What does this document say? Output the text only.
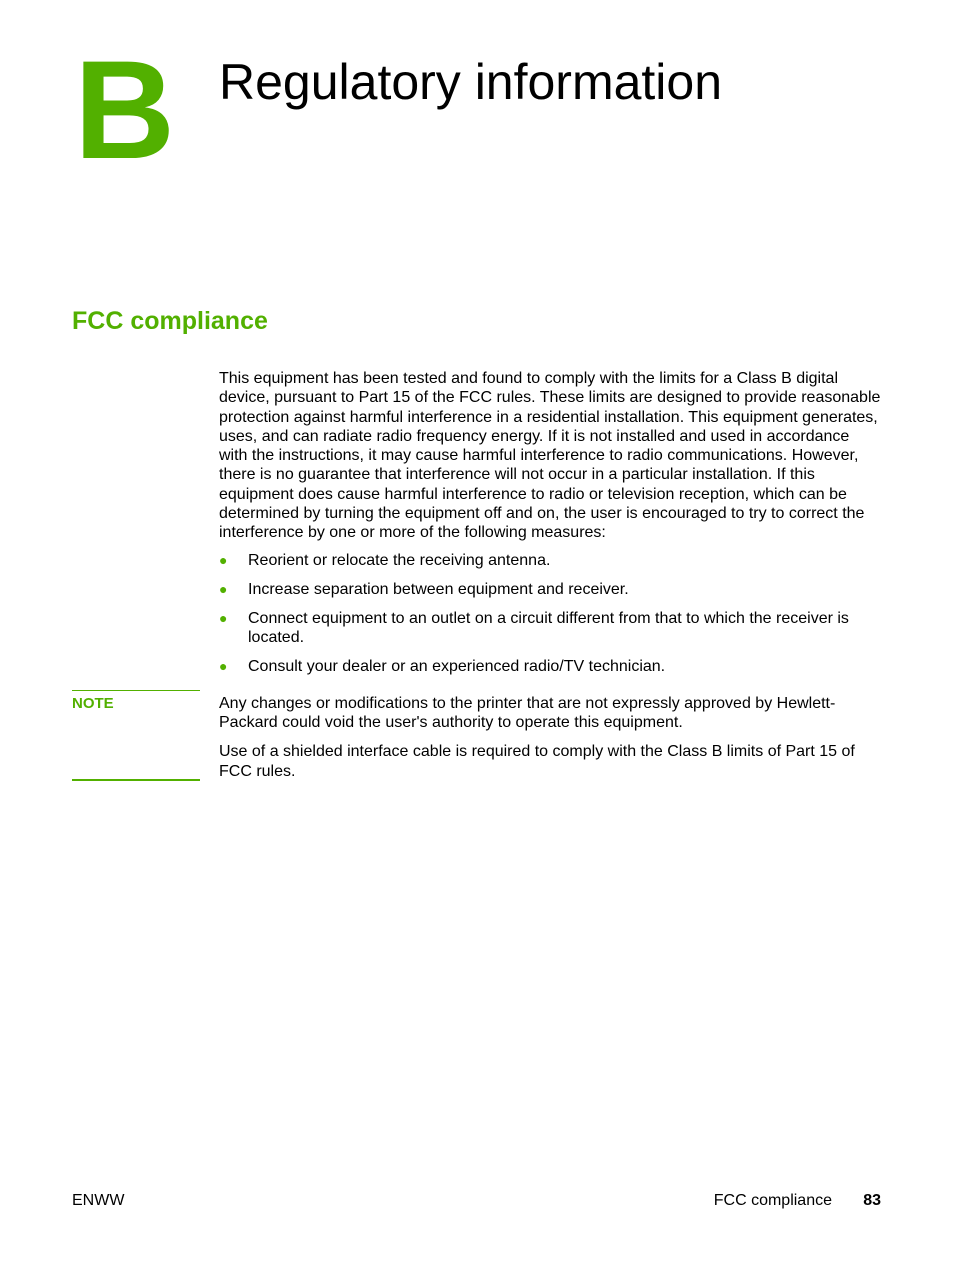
B Regulatory information
FCC compliance
This equipment has been tested and found to comply with the limits for a Class B digital device, pursuant to Part 15 of the FCC rules. These limits are designed to provide reasonable protection against harmful interference in a residential installation. This equipment generates, uses, and can radiate radio frequency energy. If it is not installed and used in accordance with the instructions, it may cause harmful interference to radio communications. However, there is no guarantee that interference will not occur in a particular installation. If this equipment does cause harmful interference to radio or television reception, which can be determined by turning the equipment off and on, the user is encouraged to try to correct the interference by one or more of the following measures:
● Reorient or relocate the receiving antenna.
● Increase separation between equipment and receiver.
● Connect equipment to an outlet on a circuit different from that to which the receiver is located.
● Consult your dealer or an experienced radio/TV technician.
NOTE	Any changes or modifications to the printer that are not expressly approved by Hewlett-Packard could void the user's authority to operate this equipment.

Use of a shielded interface cable is required to comply with the Class B limits of Part 15 of FCC rules.

ENWW	FCC compliance 83
